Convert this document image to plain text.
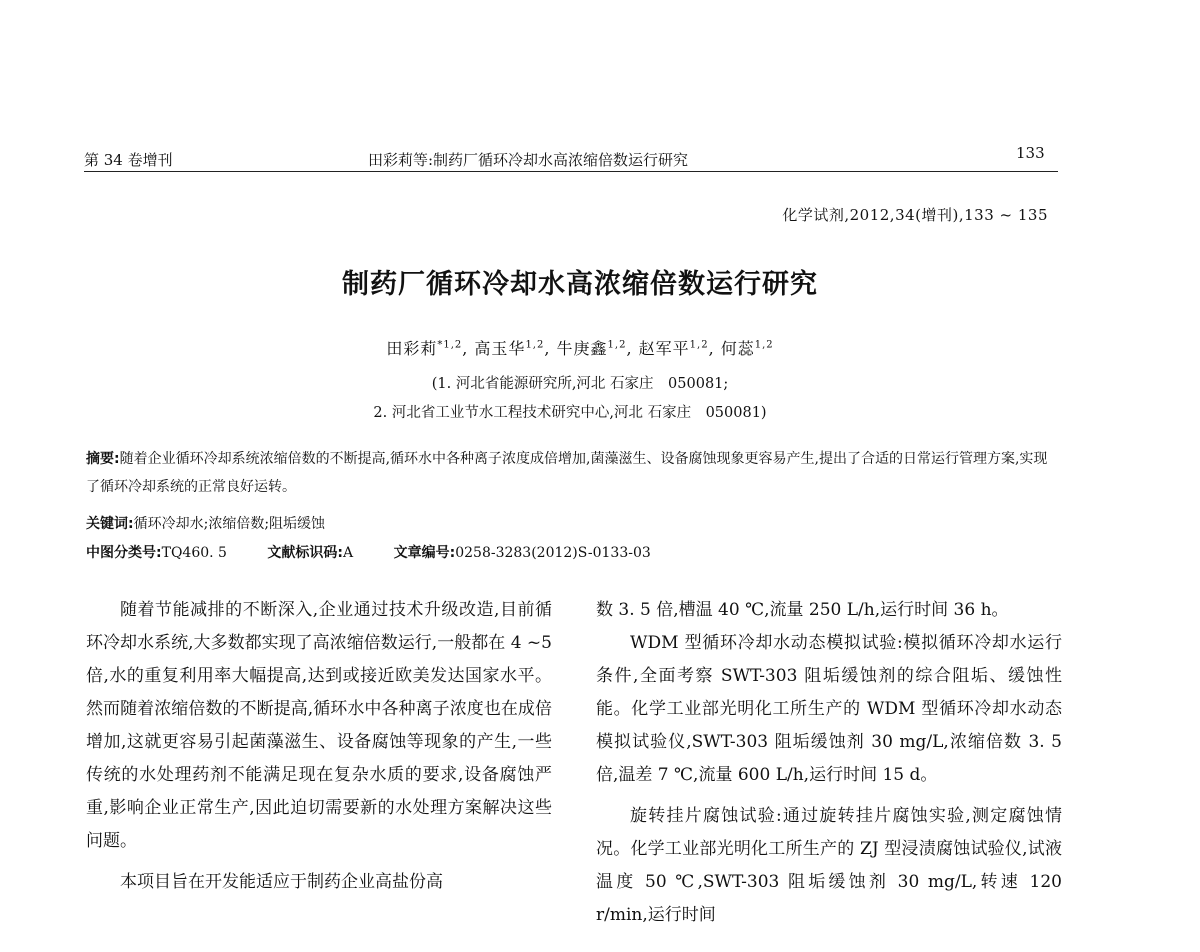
第 34 卷增刊	田彩莉等:制药厂循环冷却水高浓缩倍数运行研究	133
化学试剂,2012,34(增刊),133 ~ 135
制药厂循环冷却水高浓缩倍数运行研究
田彩莉$^{*1,2}$, 高玉华$^{1,2}$, 牛庚鑫$^{1,2}$, 赵军平$^{1,2}$, 何蕊$^{1,2}$
(1. 河北省能源研究所,河北 石家庄　050081;
2. 河北省工业节水工程技术研究中心,河北 石家庄　050081)
摘要:随着企业循环冷却系统浓缩倍数的不断提高,循环水中各种离子浓度成倍增加,菌藻滋生、设备腐蚀现象更容易产生,提出了合适的日常运行管理方案,实现了循环冷却系统的正常良好运转。
关键词:循环冷却水;浓缩倍数;阻垢缓蚀
中图分类号:TQ460. 5	文献标识码:A	文章编号:0258-3283(2012)S-0133-03

随着节能减排的不断深入,企业通过技术升级改造,目前循环冷却水系统,大多数都实现了高浓缩倍数运行,一般都在 4 ~5 倍,水的重复利用率大幅提高,达到或接近欧美发达国家水平。然而随着浓缩倍数的不断提高,循环水中各种离子浓度也在成倍增加,这就更容易引起菌藻滋生、设备腐蚀等现象的产生,一些传统的水处理药剂不能满足现在复杂水质的要求,设备腐蚀严重,影响企业正常生产,因此迫切需要新的水处理方案解决这些问题。

本项目旨在开发能适应于制药企业高盐份高

数 3. 5 倍,槽温 40 ℃,流量 250 L/h,运行时间 36 h。

WDM 型循环冷却水动态模拟试验:模拟循环冷却水运行条件,全面考察 SWT-303 阻垢缓蚀剂的综合阻垢、缓蚀性能。化学工业部光明化工所生产的 WDM 型循环冷却水动态模拟试验仪,SWT-303 阻垢缓蚀剂 30 mg/L,浓缩倍数 3. 5 倍,温差 7 ℃,流量 600 L/h,运行时间 15 d。

旋转挂片腐蚀试验:通过旋转挂片腐蚀实验,测定腐蚀情况。化学工业部光明化工所生产的 ZJ 型浸渍腐蚀试验仪,试液温度 50 ℃,SWT-303 阻垢缓蚀剂 30 mg/L,转速 120 r/min,运行时间
